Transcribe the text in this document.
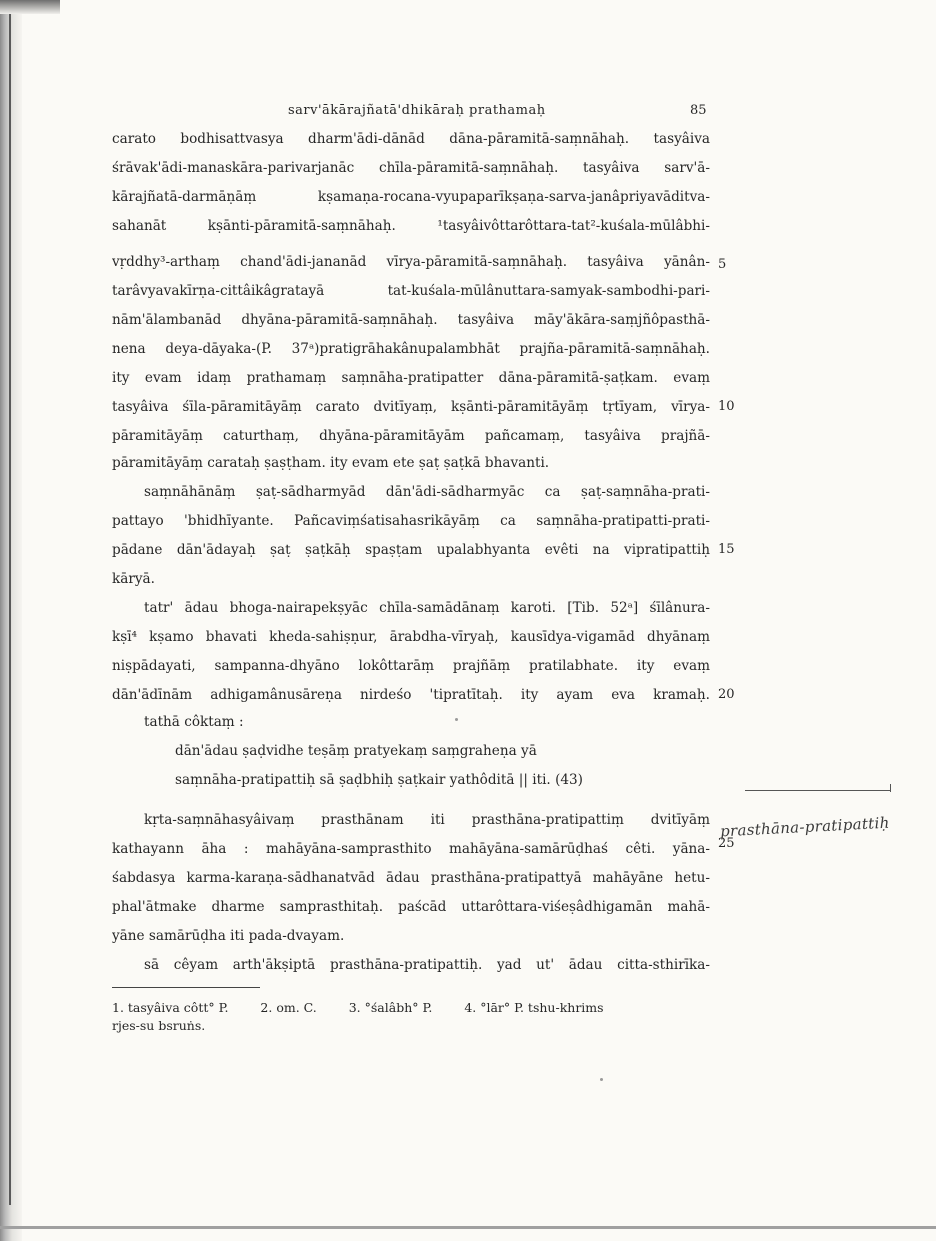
sarv'ākārajñatā'dhikāraḥ prathamaḥ	85
carato bodhisattvasya dharm'ādi-dānād dāna-pāramitā-saṃnāhaḥ. tasyâiva
śrāvak'ādi-manaskāra-parivarjanāc chīla-pāramitā-saṃnāhaḥ. tasyâiva sarv'ā-
kārajñatā-darmāṇāṃ kṣamaṇa-rocana-vyupaparīkṣaṇa-sarva-janâpriyavāditva-
sahanāt kṣānti-pāramitā-saṃnāhaḥ. ¹tasyâivôttarôttara-tat²-kuśala-mūlâbhi-
vṛddhy³-arthaṃ chand'ādi-jananād vīrya-pāramitā-saṃnāhaḥ. tasyâiva yānân-
tarâvyavakīrṇa-cittâikâgratayā tat-kuśala-mūlânuttara-samyak-sambodhi-pari-
nām'ālambanād dhyāna-pāramitā-saṃnāhaḥ. tasyâiva māy'ākāra-saṃjñôpasthā-
nena deya-dāyaka-(P. 37ᵃ)pratigrāhakânupalambhāt prajña-pāramitā-saṃnāhaḥ.
ity evam idaṃ prathamaṃ saṃnāha-pratipatter dāna-pāramitā-ṣaṭkam. evaṃ
tasyâiva śīla-pāramitāyāṃ carato dvitīyaṃ, kṣānti-pāramitāyāṃ tṛtīyam, vīrya-
pāramitāyāṃ caturthaṃ, dhyāna-pāramitāyām pañcamaṃ, tasyâiva prajñā-
pāramitāyāṃ carataḥ ṣaṣṭham. ity evam ete ṣaṭ ṣaṭkā bhavanti.
saṃnāhānāṃ ṣaṭ-sādharmyād dān'ādi-sādharmyāc ca ṣaṭ-saṃnāha-prati-
pattayo 'bhidhīyante. Pañcaviṃśatisahasrikāyāṃ ca saṃnāha-pratipatti-prati-
pādane dān'ādayaḥ ṣaṭ ṣaṭkāḥ spaṣṭam upalabhyanta evêti na vipratipattiḥ
kāryā.
tatr' ādau bhoga-nairapekṣyāc chīla-samādānaṃ karoti. [Tib. 52ᵃ] śīlânura-
kṣī⁴ kṣamo bhavati kheda-sahiṣṇur, ārabdha-vīryaḥ, kausīdya-vigamād dhyānaṃ
niṣpādayati, sampanna-dhyāno lokôttarāṃ prajñāṃ pratilabhate. ity evaṃ
dān'ādīnām adhigamânusāreṇa nirdeśo 'tipratītaḥ. ity ayam eva kramaḥ.
tathā côktaṃ :
dān'ādau ṣaḍvidhe teṣāṃ pratyekaṃ saṃgraheṇa yā
saṃnāha-pratipattiḥ sā ṣaḍbhiḥ ṣaṭkair yathôditā || iti. (43)
kṛta-saṃnāhasyâivaṃ prasthānam iti prasthāna-pratipattiṃ dvitīyāṃ
kathayann āha : mahāyāna-samprasthito mahāyāna-samārūḍhaś cêti. yāna-
śabdasya karma-karaṇa-sādhanatvād ādau prasthāna-pratipattyā mahāyāne hetu-
phal'ātmake dharme samprasthitaḥ. paścād uttarôttara-viśeṣâdhigamān mahā-
yāne samārūḍha iti pada-dvayam.
sā cêyam arth'ākṣiptā prasthāna-pratipattiḥ. yad ut' ādau citta-sthirīka-
5
10
15
20
25
prasthāna-pratipattiḥ
1. tasyâiva côtt° P.	2. om. C.	3. °śalâbh° P.	4. °lār° P. tshu-khrims
rjes-su bsruṅs.
